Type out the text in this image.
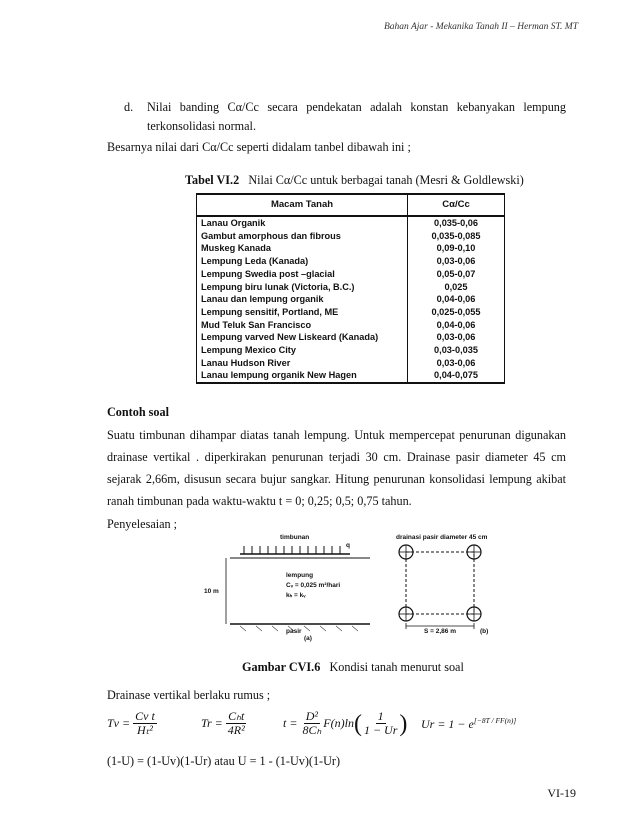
Bahan Ajar - Mekanika Tanah II – Herman ST. MT
d. Nilai banding Cα/Cc secara pendekatan adalah konstan kebanyakan lempung
terkonsolidasi normal.
Besarnya nilai dari Cα/Cc seperti didalam tanbel dibawah ini ;
Tabel VI.2 Nilai Cα/Cc untuk berbagai tanah (Mesri & Goldlewski)
Macam Tanah	Cα/Cc
Lanau Organik	0,035-0,06
Gambut amorphous dan fibrous	0,035-0,085
Muskeg Kanada	0,09-0,10
Lempung Leda (Kanada)	0,03-0,06
Lempung Swedia post –glacial	0,05-0,07
Lempung biru lunak (Victoria, B.C.)	0,025
Lanau dan lempung organik	0,04-0,06
Lempung sensitif, Portland, ME	0,025-0,055
Mud Teluk San Francisco	0,04-0,06
Lempung varved New Liskeard (Kanada)	0,03-0,06
Lempung Mexico City	0,03-0,035
Lanau Hudson River	0,03-0,06
Lanau lempung organik New Hagen	0,04-0,075
Contoh soal
Suatu timbunan dihampar diatas tanah lempung. Untuk mempercepat penurunan digunakan
drainase vertikal . diperkirakan penurunan terjadi 30 cm. Drainase pasir diameter 45 cm
sejarak 2,66m, disusun secara bujur sangkar. Hitung penurunan konsolidasi lempung akibat
ranah timbunan pada waktu-waktu t = 0; 0,25; 0,5; 0,75 tahun.
Penyelesaian ;
timbunan
q
lempung
Cᵥ = 0,025 m²/hari
kₕ = kᵥ
10 m
pasir
(a)
drainasi pasir diameter 45 cm
S = 2,86 m	(b)
Gambar CVI.6 Kondisi tanah menurut soal
Drainase vertikal berlaku rumus ;
Tv =
$\frac{\text{Cv t}}{\text{Hₜ²}}$	Tr =
$\frac{\text{Cₕt}}{\text{4R²}}$	t =
$\frac{\text{D²}}{\text{8Cₕ}} F(n)\ln$ ( $\frac{1}{1 - Ur}$ ) Ur = 1 − e[−8T / FF(n)]
(1-U) = (1-Uv)(1-Ur) atau U = 1 - (1-Uv)(1-Ur)
VI-19
